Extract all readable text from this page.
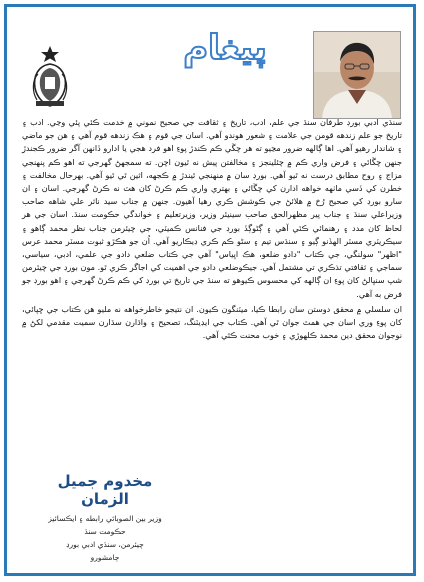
پيغام

سنڌي ادبي بورڊ طرفان سنڌ جي علم، ادب، تاريخ ۽ ثقافت جي صحيح نموني ۾ خدمت ڪئي پئي وڃي. ادب ۽ تاريخ جو علم زندهه قومن جي علامت ۽ شعور هوندو آهي. اسان جي قوم ۽ هڪ زندهه قوم آهي ۽ هن جو ماضي ۽ شاندار رهيو آهي. اها ڳالهه ضرور مڃيو ته هر چڱي ڪم ڪندڙ پوءِ اهو فرد هجي يا ادارو ڏانهن آگر ضرور ڪجندڙ جنهن چڱائي ۽ فرض واري ڪم ۾ چئلينجز ۽ مخالفتن پيش نه ٿيون اچن. ته سمجهڻ گهرجي ته اهو ڪم پنهنجي مزاج ۽ روح مطابق درست نه ٿيو آهي. بورڊ سان ۾ منهنجي ٿيندڙ ۾ ڪجهه، اثين ٿي ٿيو آهي. بهرحال مخالفت ۽ خطرن کي ڏسي ماٺهه خواهه ادارن کي چڱائي ۽ بهتري واري ڪم ڪرڻ کان هٽ نه ڪرڻ گهرجي. اسان ۽ ان سارو بورڊ کي صحيح رُخ ۾ هلائڻ جي ڪوشش ڪري رهيا آهيون. جنهن ۾ جناب سيد ناثر علي شاهه صاحب وزيراعلي سنڌ ۽ جناب پير مظهرالحق صاحب سينيئر وزير، وزيرتعليم ۽ خواندگي حڪومت سنڌ. اسان جي هر لحاظ کان مدد ۽ رهنمائي ڪئي آهي ۽ ڳڻوڳڏ بورڊ جي فنانس ڪميٽي، جي چيئرمن جناب نظر محمد ڳاهو ۽ سيڪريٽري مسٽر الهڏنو ڳيو ۽ سنڌس تيم ۽ سڻو ڪم ڪري ڊيڪاريو آهي. اُن جو هڪڙو ثبوت مسٽر محمد عرس "اظهر" سولنگي، جي ڪتاب "دادو ضلعو، هڪ اڀياس" آهي جي ڪتاب ضلعي دادو جي علمي، ادبي، سياسي، سماجي ۽ ثقافتي تذڪري تي مشتمل آهي. جيڪوضلعي دادو جي اهميت کي اجاگر ڪري ٿو. مون بورڊ جي چيئرمن شپ سنڀالڻ کان پوءِ ان ڳالهه کي محسوس ڪيوهو ته سنڌ جي تاريخ تي بورڊ کي ڪم ڪرڻ گهرجي ۽ اهو بورڊ جو فرض به آهي.

ان سلسلي ۾ محقق دوستن سان رابطا ڪيا، ميٽنگون ڪيون. ان نتيجو خاطرخواهه نه مليو هن ڪتاب جي ڇپائي، کان پوءِ وري اسان جي همٿ جوان ٿي آهي. ڪتاب جي ايڊيٽنگ، تصحيح ۽ واڌارن سڌارن سميت مقدمي لکڻ ۾ نوجوان محقق دين محمد ڪلهوڙي ۽ خوب محنت ڪئي آهي.

مخدوم جميل الزمان
وزير بين الصوبائي رابطه ۽ ايڪسائيز
حڪومت سنڌ
چيئرمن، سنڌي ادبي بورڊ
ڄامشورو
